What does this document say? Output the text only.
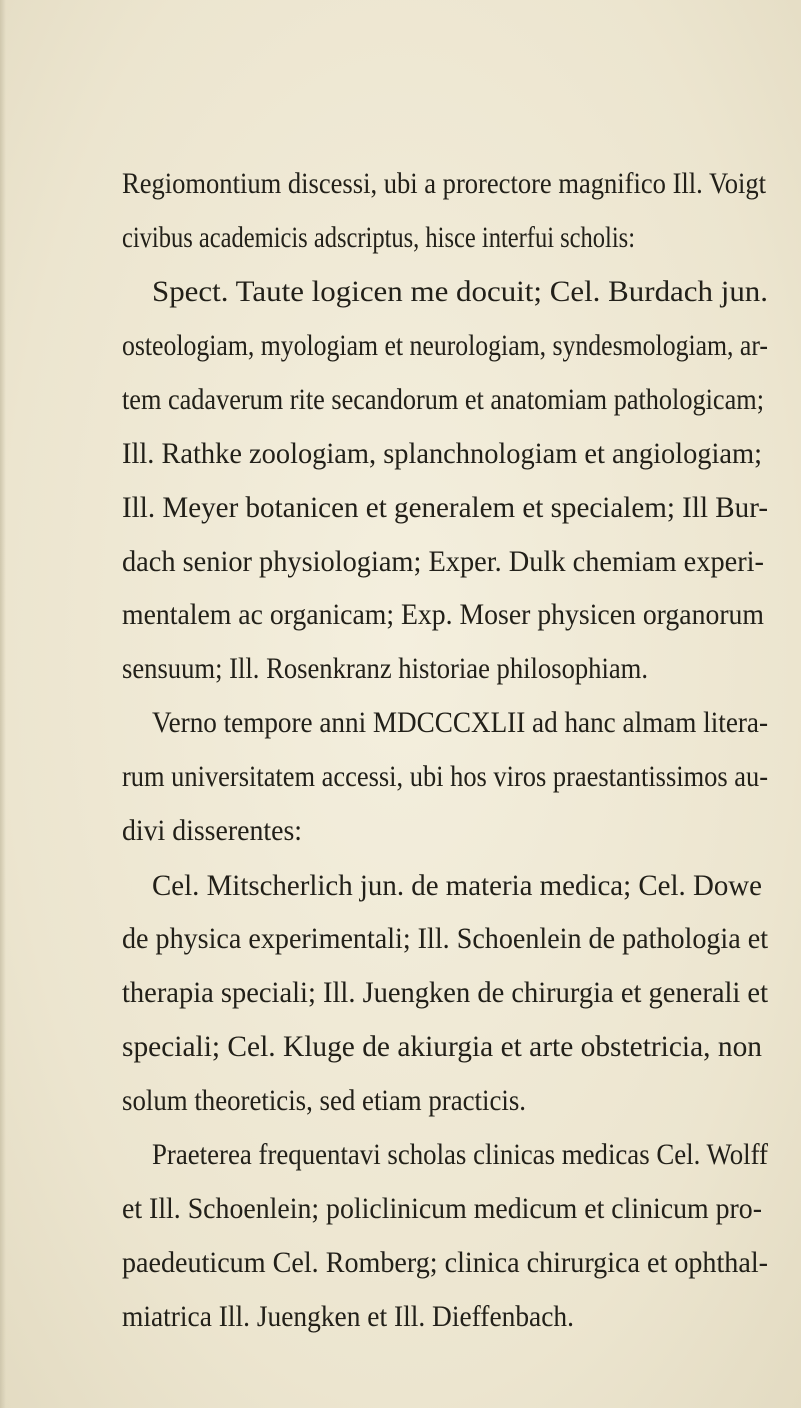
Regiomontium discessi, ubi a prorectore magnifico Ill. Voigt
civibus academicis adscriptus, hisce interfui scholis:
Spect. Taute logicen me docuit; Cel. Burdach jun.
osteologiam, myologiam et neurologiam, syndesmologiam, ar-
tem cadaverum rite secandorum et anatomiam pathologicam;
Ill. Rathke zoologiam, splanchnologiam et angiologiam;
Ill. Meyer botanicen et generalem et specialem; Ill Bur-
dach senior physiologiam; Exper. Dulk chemiam experi-
mentalem ac organicam; Exp. Moser physicen organorum
sensuum; Ill. Rosenkranz historiae philosophiam.
Verno tempore anni MDCCCXLII ad hanc almam litera-
rum universitatem accessi, ubi hos viros praestantissimos au-
divi disserentes:
Cel. Mitscherlich jun. de materia medica; Cel. Dowe
de physica experimentali; Ill. Schoenlein de pathologia et
therapia speciali; Ill. Juengken de chirurgia et generali et
speciali; Cel. Kluge de akiurgia et arte obstetricia, non
solum theoreticis, sed etiam practicis.
Praeterea frequentavi scholas clinicas medicas Cel. Wolff
et Ill. Schoenlein; policlinicum medicum et clinicum pro-
paedeuticum Cel. Romberg; clinica chirurgica et ophthal-
miatrica Ill. Juengken et Ill. Dieffenbach.
